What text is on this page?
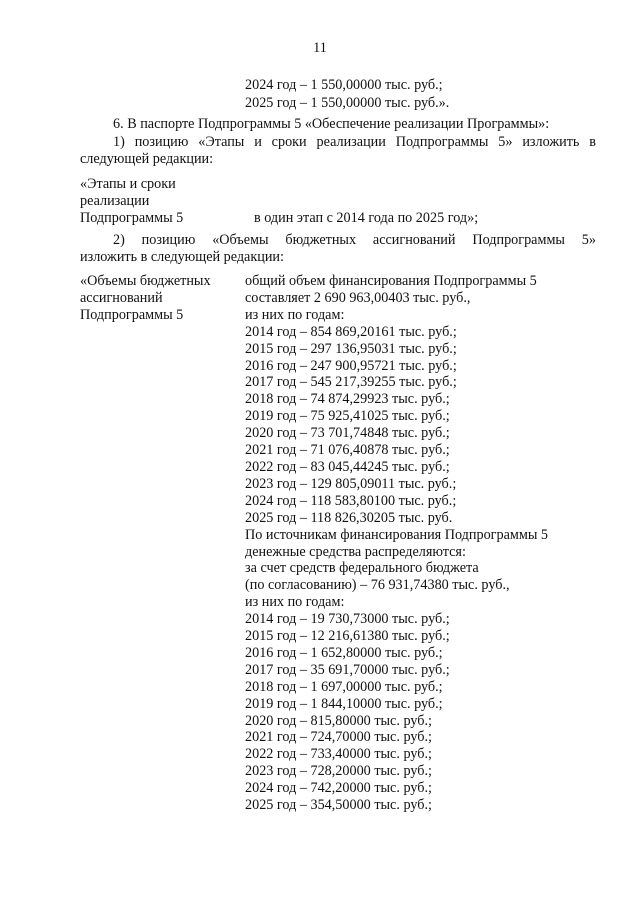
11
2024 год – 1 550,00000 тыс. руб.;
2025 год – 1 550,00000 тыс. руб.».
6. В паспорте Подпрограммы 5 «Обеспечение реализации Программы»:
1) позицию «Этапы и сроки реализации Подпрограммы 5» изложить в
следующей редакции:
«Этапы и сроки
реализации
Подпрограммы 5	в один этап с 2014 года по 2025 год»;
2) позицию «Объемы бюджетных ассигнований Подпрограммы 5»
изложить в следующей редакции:
«Объемы бюджетных
ассигнований
Подпрограммы 5
общий объем финансирования Подпрограммы 5
составляет 2 690 963,00403 тыс. руб.,
из них по годам:
2014 год – 854 869,20161 тыс. руб.;
2015 год – 297 136,95031 тыс. руб.;
2016 год – 247 900,95721 тыс. руб.;
2017 год – 545 217,39255 тыс. руб.;
2018 год – 74 874,29923 тыс. руб.;
2019 год – 75 925,41025 тыс. руб.;
2020 год – 73 701,74848 тыс. руб.;
2021 год – 71 076,40878 тыс. руб.;
2022 год – 83 045,44245 тыс. руб.;
2023 год – 129 805,09011 тыс. руб.;
2024 год – 118 583,80100 тыс. руб.;
2025 год – 118 826,30205 тыс. руб.
По источникам финансирования Подпрограммы 5
денежные средства распределяются:
за счет средств федерального бюджета
(по согласованию) – 76 931,74380 тыс. руб.,
из них по годам:
2014 год – 19 730,73000 тыс. руб.;
2015 год – 12 216,61380 тыс. руб.;
2016 год – 1 652,80000 тыс. руб.;
2017 год – 35 691,70000 тыс. руб.;
2018 год – 1 697,00000 тыс. руб.;
2019 год – 1 844,10000 тыс. руб.;
2020 год – 815,80000 тыс. руб.;
2021 год – 724,70000 тыс. руб.;
2022 год – 733,40000 тыс. руб.;
2023 год – 728,20000 тыс. руб.;
2024 год – 742,20000 тыс. руб.;
2025 год – 354,50000 тыс. руб.;
